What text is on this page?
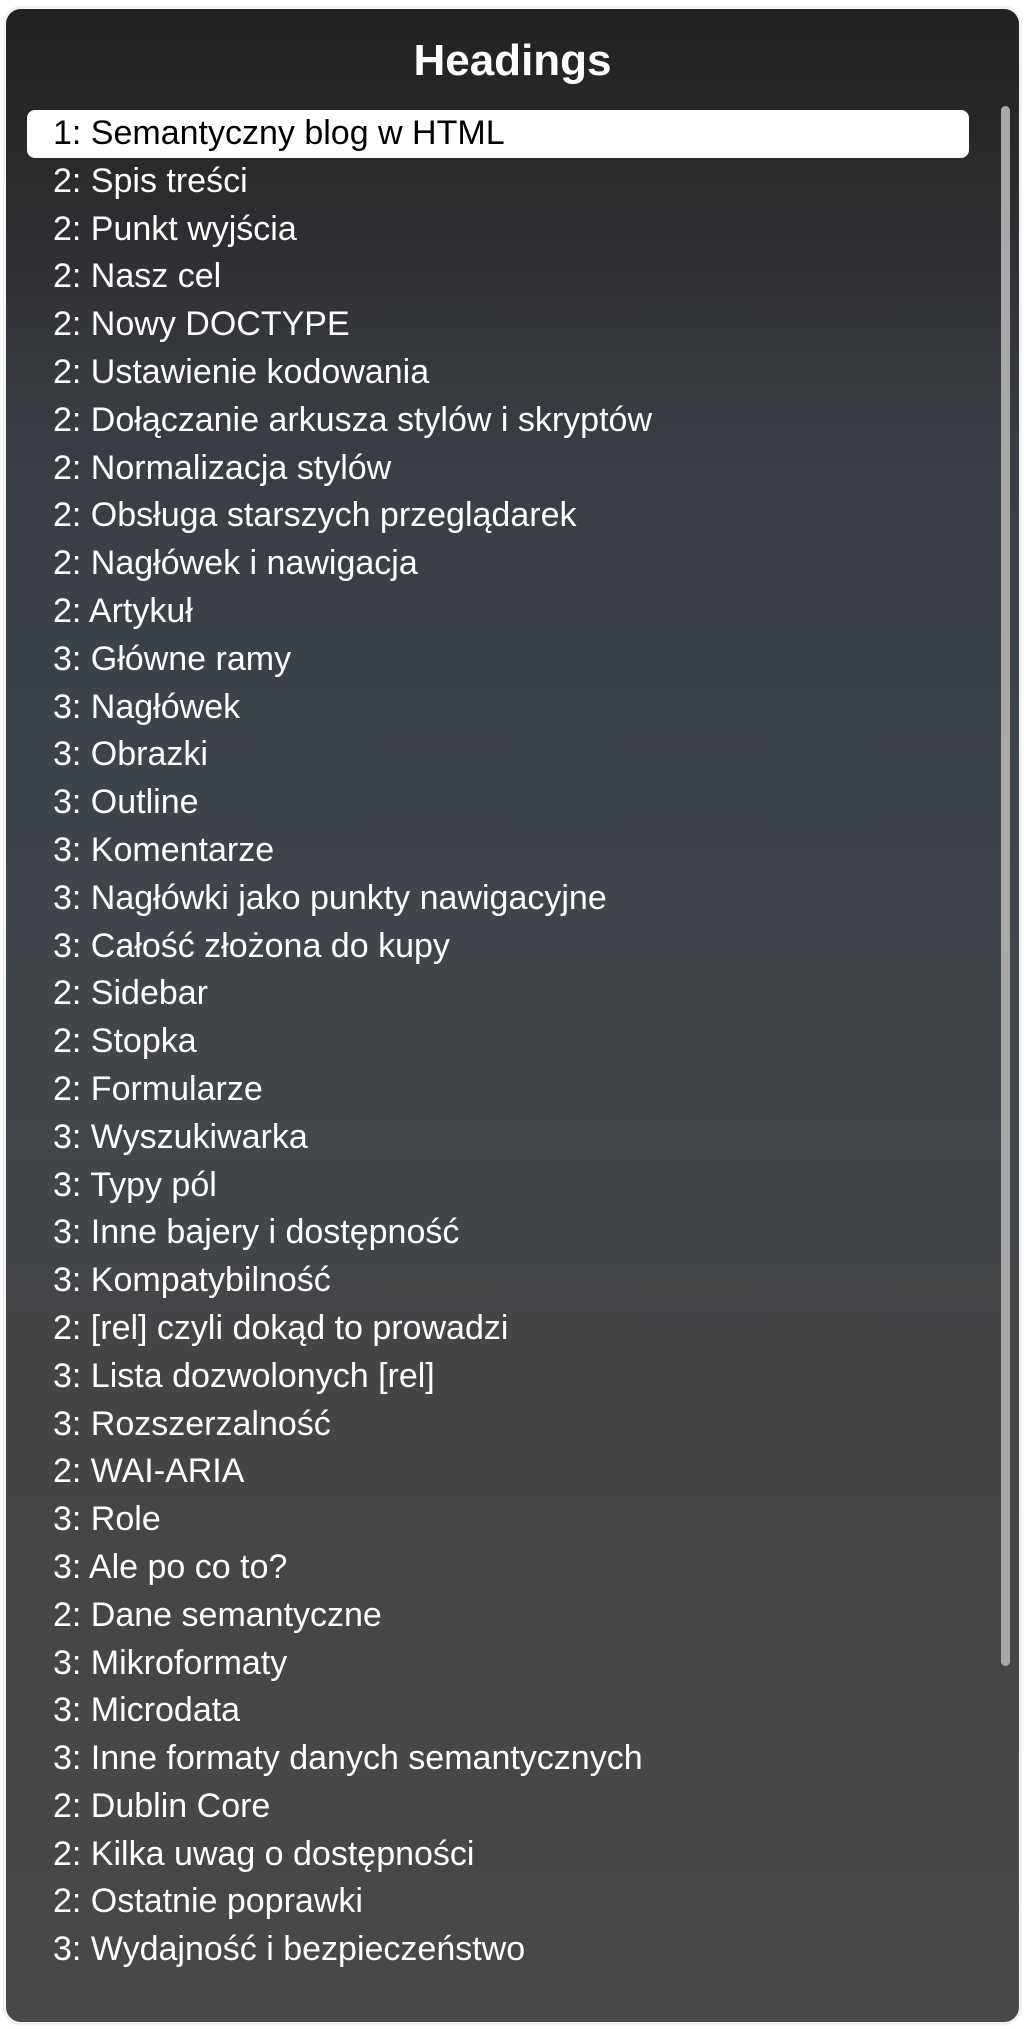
Headings
1: Semantyczny blog w HTML
2: Spis treści
2: Punkt wyjścia
2: Nasz cel
2: Nowy DOCTYPE
2: Ustawienie kodowania
2: Dołączanie arkusza stylów i skryptów
2: Normalizacja stylów
2: Obsługa starszych przeglądarek
2: Nagłówek i nawigacja
2: Artykuł
3: Główne ramy
3: Nagłówek
3: Obrazki
3: Outline
3: Komentarze
3: Nagłówki jako punkty nawigacyjne
3: Całość złożona do kupy
2: Sidebar
2: Stopka
2: Formularze
3: Wyszukiwarka
3: Typy pól
3: Inne bajery i dostępność
3: Kompatybilność
2: [rel] czyli dokąd to prowadzi
3: Lista dozwolonych [rel]
3: Rozszerzalność
2: WAI-ARIA
3: Role
3: Ale po co to?
2: Dane semantyczne
3: Mikroformaty
3: Microdata
3: Inne formaty danych semantycznych
2: Dublin Core
2: Kilka uwag o dostępności
2: Ostatnie poprawki
3: Wydajność i bezpieczeństwo
